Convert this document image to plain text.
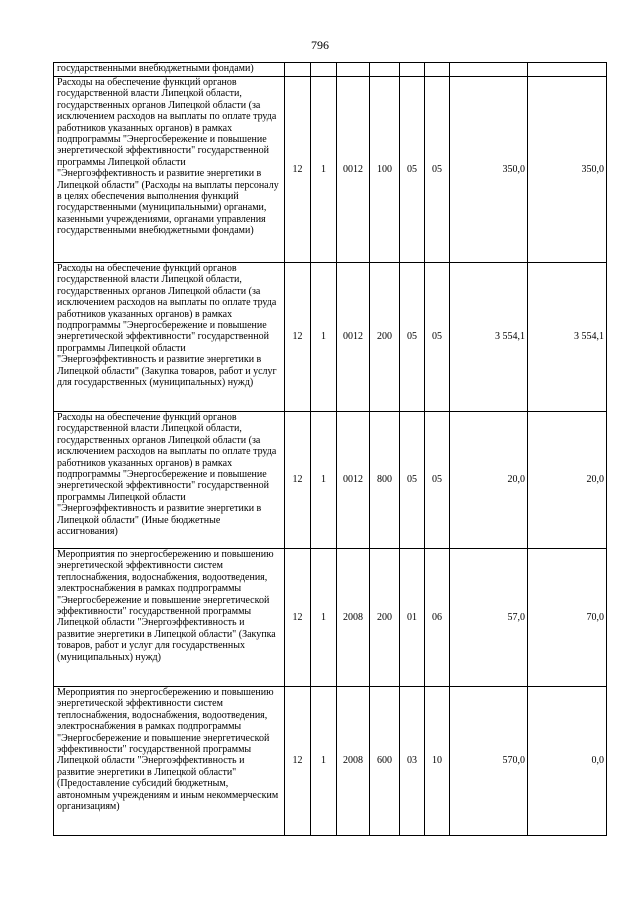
796
государственными внебюджетными фондами)								
Расходы на обеспечение функций органов государственной власти Липецкой области, государственных органов Липецкой области (за исключением расходов на выплаты по оплате труда работников указанных органов) в рамках подпрограммы "Энергосбережение и повышение энергетической эффективности" государственной программы Липецкой области "Энергоэффективность и развитие энергетики в Липецкой области" (Расходы на выплаты персоналу в целях обеспечения выполнения функций государственными (муниципальными) органами, казенными учреждениями, органами управления государственными внебюджетными фондами)	12	1	0012	100	05	05	350,0	350,0
Расходы на обеспечение функций органов государственной власти Липецкой области, государственных органов Липецкой области (за исключением расходов на выплаты по оплате труда работников указанных органов) в рамках подпрограммы "Энергосбережение и повышение энергетической эффективности" государственной программы Липецкой области "Энергоэффективность и развитие энергетики в Липецкой области" (Закупка товаров, работ и услуг для государственных (муниципальных) нужд)	12	1	0012	200	05	05	3 554,1	3 554,1
Расходы на обеспечение функций органов государственной власти Липецкой области, государственных органов Липецкой области (за исключением расходов на выплаты по оплате труда работников указанных органов) в рамках подпрограммы "Энергосбережение и повышение энергетической эффективности" государственной программы Липецкой области "Энергоэффективность и развитие энергетики в Липецкой области" (Иные бюджетные ассигнования)	12	1	0012	800	05	05	20,0	20,0
Мероприятия по энергосбережению и повышению энергетической эффективности систем теплоснабжения, водоснабжения, водоотведения, электроснабжения в рамках подпрограммы "Энергосбережение и повышение энергетической эффективности" государственной программы Липецкой области "Энергоэффективность и развитие энергетики в Липецкой области" (Закупка товаров, работ и услуг для государственных (муниципальных) нужд)	12	1	2008	200	01	06	57,0	70,0
Мероприятия по энергосбережению и повышению энергетической эффективности систем теплоснабжения, водоснабжения, водоотведения, электроснабжения в рамках подпрограммы "Энергосбережение и повышение энергетической эффективности" государственной программы Липецкой области "Энергоэффективность и развитие энергетики в Липецкой области" (Предоставление субсидий бюджетным, автономным учреждениям и иным некоммерческим организациям)	12	1	2008	600	03	10	570,0	0,0
